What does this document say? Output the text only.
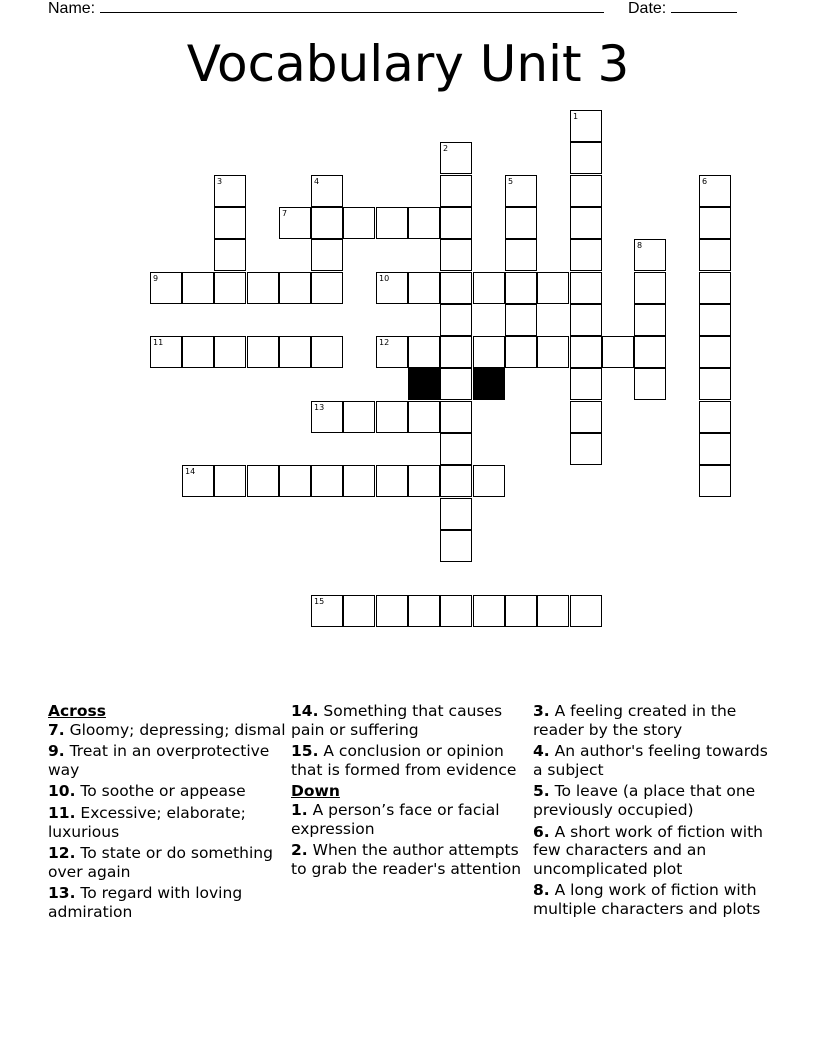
Name:	Date:
Vocabulary Unit 3
1
2
3	4	5	6
8
7
9	10
11	12
13
14
15
Across
7. Gloomy; depressing; dismal
9. Treat in an overprotective way
10. To soothe or appease
11. Excessive; elaborate; luxurious
12. To state or do something over again
13. To regard with loving admiration
14. Something that causes pain or suffering
15. A conclusion or opinion that is formed from evidence
Down
1. A person’s face or facial expression
2. When the author attempts to grab the reader's attention
3. A feeling created in the reader by the story
4. An author's feeling towards a subject
5. To leave (a place that one previously occupied)
6. A short work of fiction with few characters and an uncomplicated plot
8. A long work of fiction with multiple characters and plots
